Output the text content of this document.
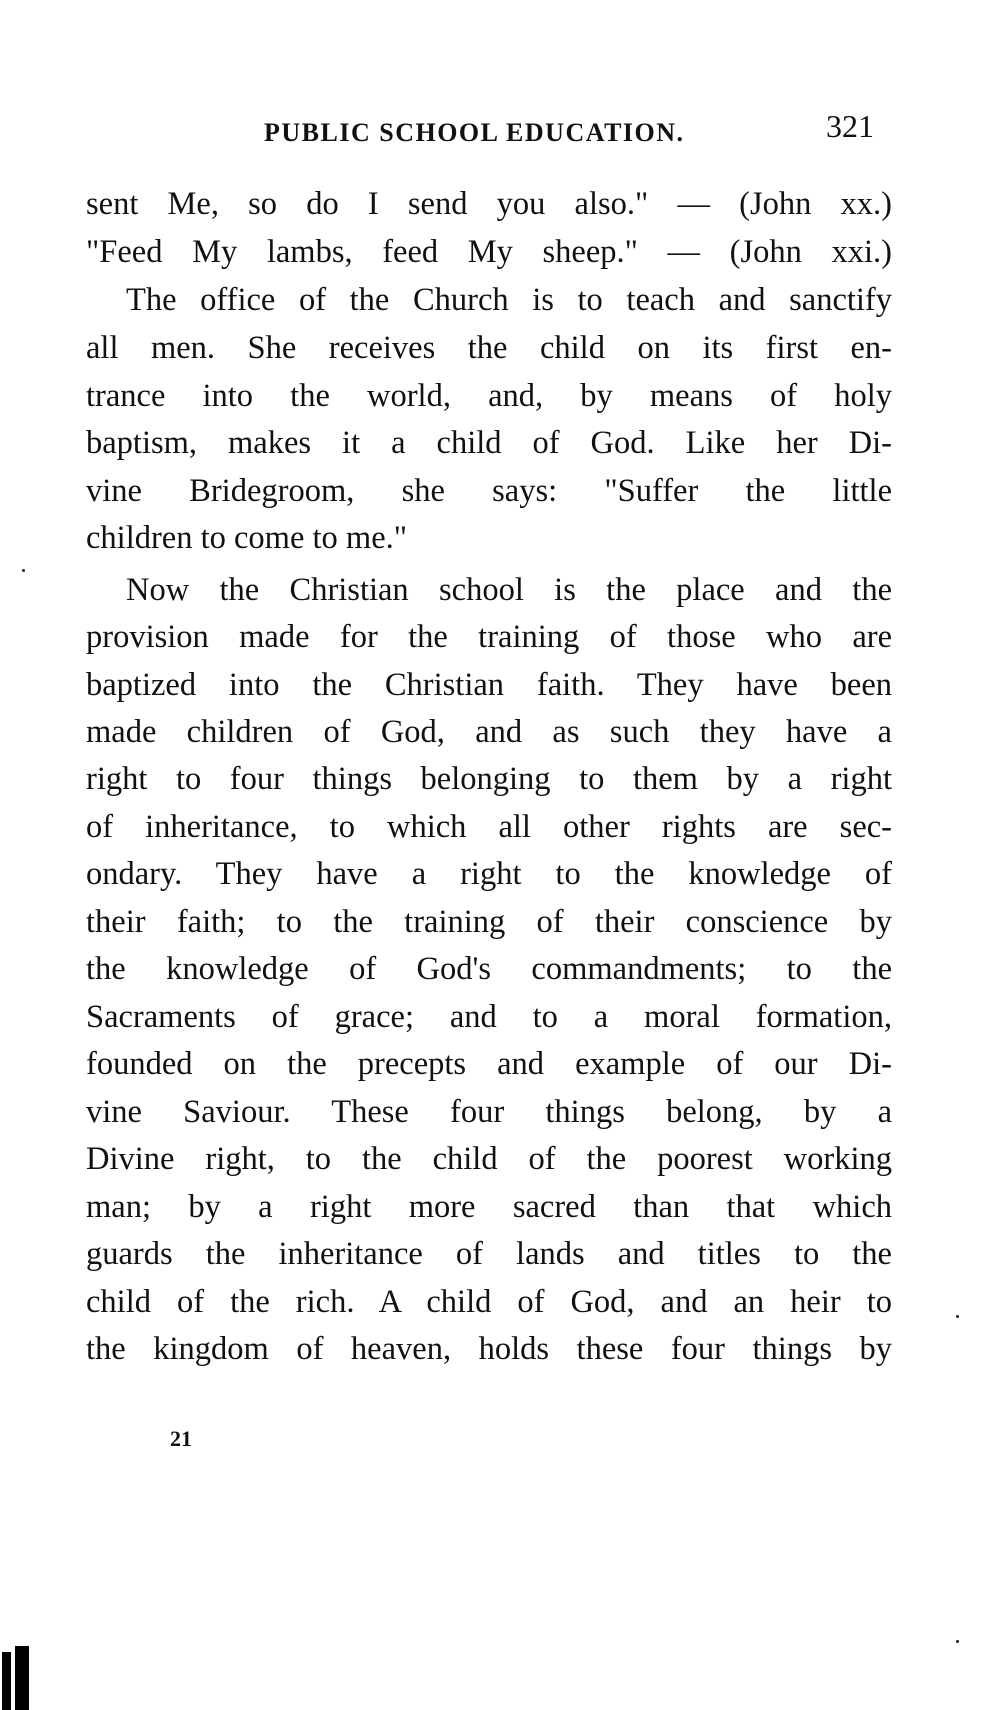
PUBLIC SCHOOL EDUCATION.	321
sent Me, so do I send you also." — (John xx.)
"Feed My lambs, feed My sheep." — (John xxi.)
The office of the Church is to teach and sanctify
all men. She receives the child on its first en-
trance into the world, and, by means of holy
baptism, makes it a child of God. Like her Di-
vine Bridegroom, she says: "Suffer the little
children to come to me."
Now the Christian school is the place and the
provision made for the training of those who are
baptized into the Christian faith. They have been
made children of God, and as such they have a
right to four things belonging to them by a right
of inheritance, to which all other rights are sec-
ondary. They have a right to the knowledge of
their faith; to the training of their conscience by
the knowledge of God's commandments; to the
Sacraments of grace; and to a moral formation,
founded on the precepts and example of our Di-
vine Saviour. These four things belong, by a
Divine right, to the child of the poorest working
man; by a right more sacred than that which
guards the inheritance of lands and titles to the
child of the rich. A child of God, and an heir to
the kingdom of heaven, holds these four things by
21
